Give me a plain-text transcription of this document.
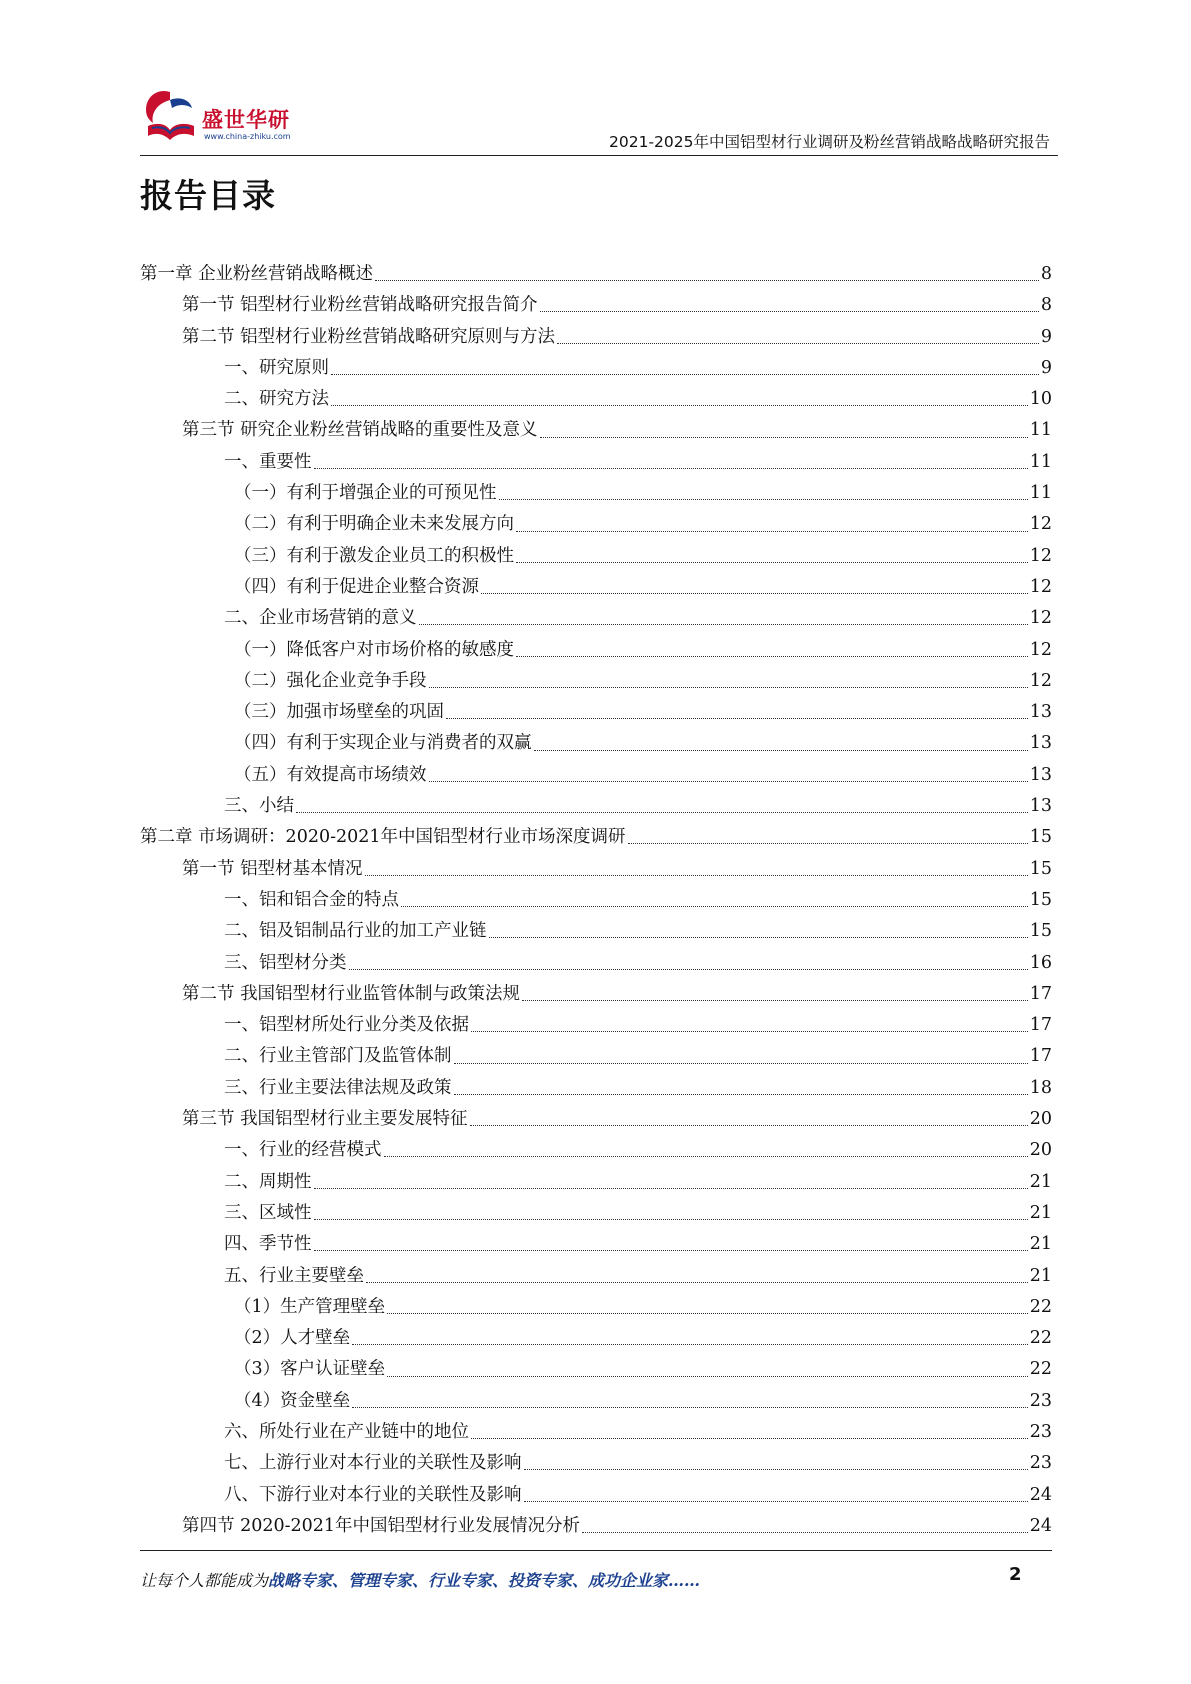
盛世华研
www.china-zhiku.com	2021-2025年中国铝型材行业调研及粉丝营销战略战略研究报告
报告目录
第一章 企业粉丝营销战略概述	8
第一节 铝型材行业粉丝营销战略研究报告简介	8
第二节 铝型材行业粉丝营销战略研究原则与方法	9
一、研究原则	9
二、研究方法	10
第三节 研究企业粉丝营销战略的重要性及意义	11
一、重要性	11
（一）有利于增强企业的可预见性	11
（二）有利于明确企业未来发展方向	12
（三）有利于激发企业员工的积极性	12
（四）有利于促进企业整合资源	12
二、企业市场营销的意义	12
（一）降低客户对市场价格的敏感度	12
（二）强化企业竞争手段	12
（三）加强市场壁垒的巩固	13
（四）有利于实现企业与消费者的双赢	13
（五）有效提高市场绩效	13
三、小结	13
第二章 市场调研：2020-2021年中国铝型材行业市场深度调研	15
第一节 铝型材基本情况	15
一、铝和铝合金的特点	15
二、铝及铝制品行业的加工产业链	15
三、铝型材分类	16
第二节 我国铝型材行业监管体制与政策法规	17
一、铝型材所处行业分类及依据	17
二、行业主管部门及监管体制	17
三、行业主要法律法规及政策	18
第三节 我国铝型材行业主要发展特征	20
一、行业的经营模式	20
二、周期性	21
三、区域性	21
四、季节性	21
五、行业主要壁垒	21
（1）生产管理壁垒	22
（2）人才壁垒	22
（3）客户认证壁垒	22
（4）资金壁垒	23
六、所处行业在产业链中的地位	23
七、上游行业对本行业的关联性及影响	23
八、下游行业对本行业的关联性及影响	24
第四节 2020-2021年中国铝型材行业发展情况分析	24
让每个人都能成为战略专家、管理专家、行业专家、投资专家、成功企业家……	2
